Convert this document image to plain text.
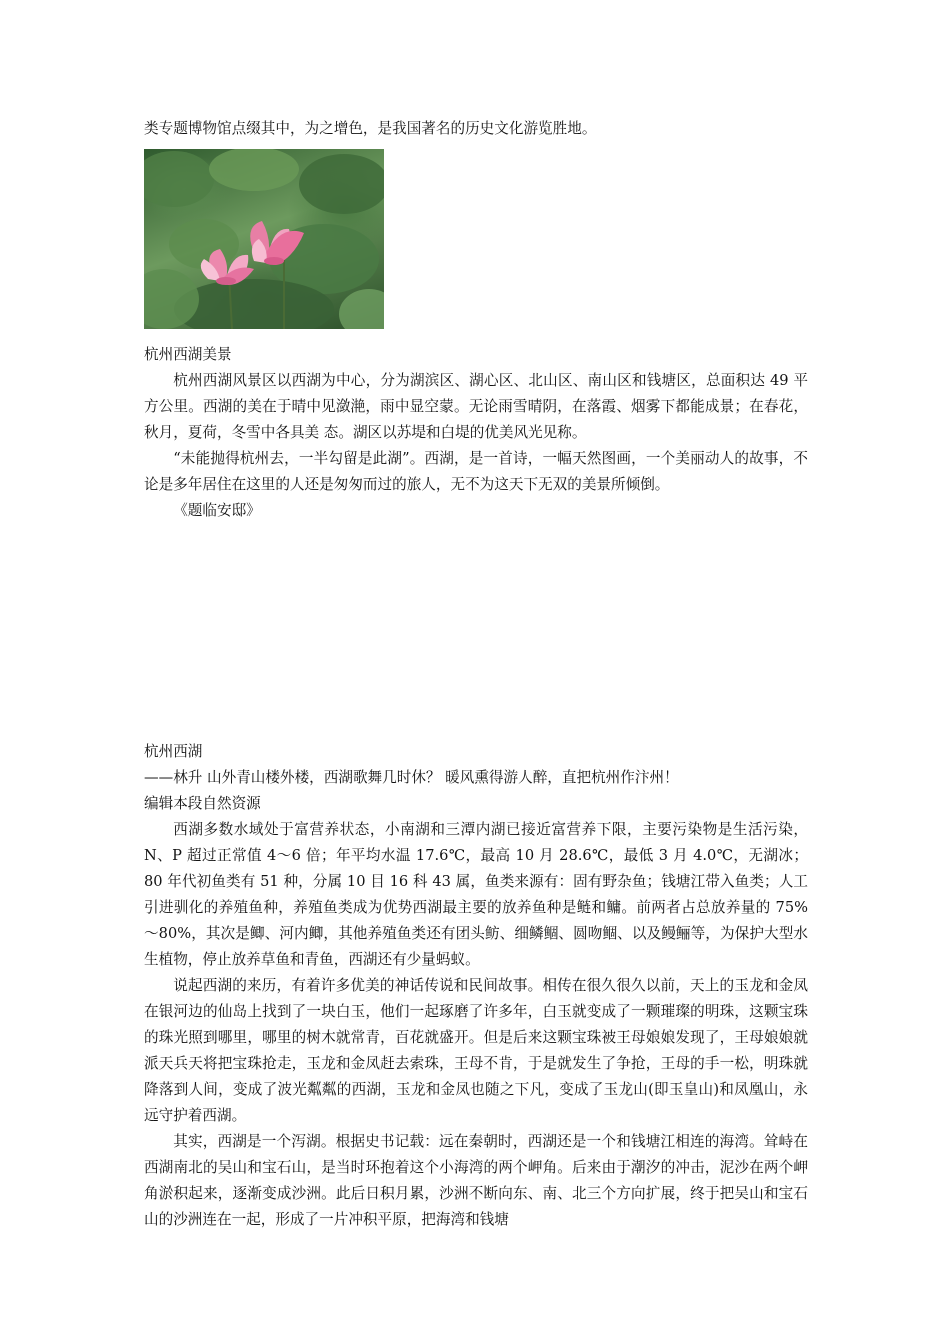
类专题博物馆点缀其中，为之增色，是我国著名的历史文化游览胜地。

杭州西湖美景

杭州西湖风景区以西湖为中心，分为湖滨区、湖心区、北山区、南山区和钱塘区，总面积达 49 平方公里。西湖的美在于晴中见潋滟，雨中显空蒙。无论雨雪晴阴，在落霞、烟雾下都能成景；在春花，秋月，夏荷，冬雪中各具美 态。湖区以苏堤和白堤的优美风光见称。

“未能抛得杭州去，一半勾留是此湖”。西湖，是一首诗，一幅天然图画，一个美丽动人的故事，不论是多年居住在这里的人还是匆匆而过的旅人，无不为这天下无双的美景所倾倒。

《题临安邸》

杭州西湖

——林升 山外青山楼外楼，西湖歌舞几时休？ 暖风熏得游人醉，直把杭州作汴州！

编辑本段自然资源

西湖多数水域处于富营养状态，小南湖和三潭内湖已接近富营养下限，主要污染物是生活污染，N、P 超过正常值 4～6 倍；年平均水温 17.6℃，最高 10 月 28.6℃，最低 3 月 4.0℃，无湖冰；80 年代初鱼类有 51 种，分属 10 目 16 科 43 属，鱼类来源有：固有野杂鱼；钱塘江带入鱼类；人工引进驯化的养殖鱼种，养殖鱼类成为优势西湖最主要的放养鱼种是鲢和鳙。前两者占总放养量的 75%～80%，其次是鲫、河内鲫，其他养殖鱼类还有团头鲂、细鳞鲴、圆吻鲴、以及鳗鲡等，为保护大型水生植物，停止放养草鱼和青鱼，西湖还有少量蚂蚁。

说起西湖的来历，有着许多优美的神话传说和民间故事。相传在很久很久以前，天上的玉龙和金凤在银河边的仙岛上找到了一块白玉，他们一起琢磨了许多年，白玉就变成了一颗璀璨的明珠，这颗宝珠的珠光照到哪里，哪里的树木就常青，百花就盛开。但是后来这颗宝珠被王母娘娘发现了，王母娘娘就派天兵天将把宝珠抢走，玉龙和金凤赶去索珠，王母不肯，于是就发生了争抢，王母的手一松，明珠就降落到人间，变成了波光粼粼的西湖，玉龙和金凤也随之下凡，变成了玉龙山(即玉皇山)和凤凰山，永远守护着西湖。

其实，西湖是一个泻湖。根据史书记载：远在秦朝时，西湖还是一个和钱塘江相连的海湾。耸峙在西湖南北的吴山和宝石山，是当时环抱着这个小海湾的两个岬角。后来由于潮汐的冲击，泥沙在两个岬角淤积起来，逐渐变成沙洲。此后日积月累，沙洲不断向东、南、北三个方向扩展，终于把吴山和宝石山的沙洲连在一起，形成了一片冲积平原，把海湾和钱塘
